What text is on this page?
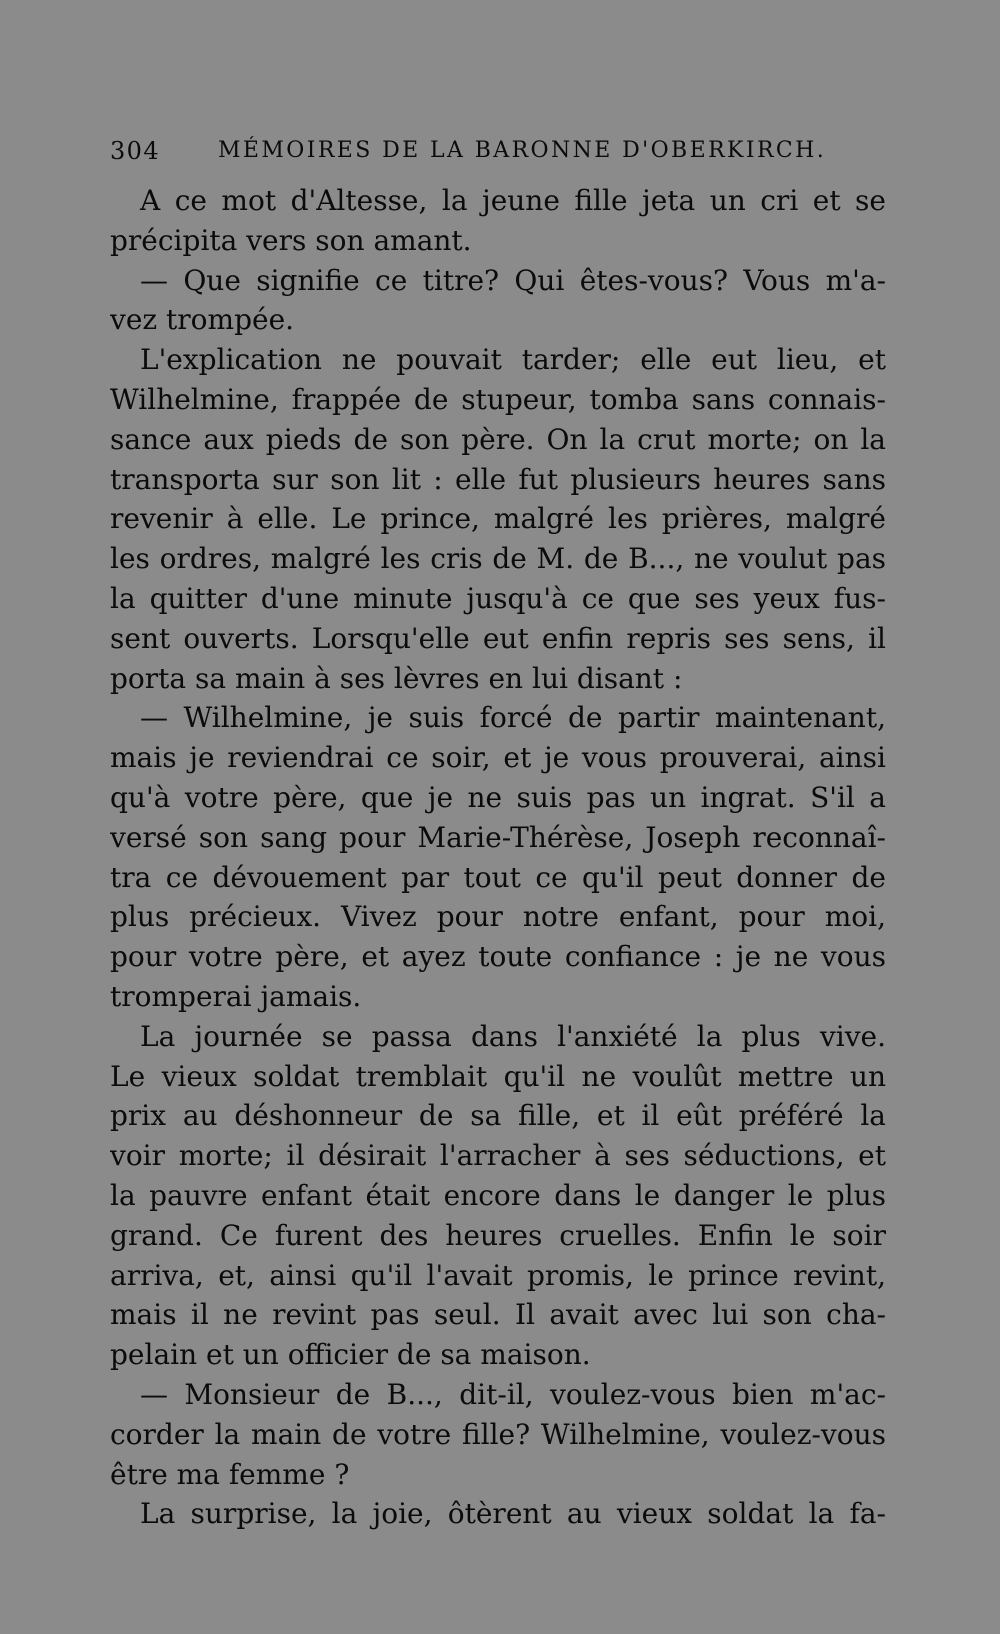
304	MÉMOIRES DE LA BARONNE D'OBERKIRCH.
A ce mot d'Altesse, la jeune fille jeta un cri et se
précipita vers son amant.
— Que signifie ce titre? Qui êtes-vous? Vous m'a-
vez trompée.
L'explication ne pouvait tarder; elle eut lieu, et
Wilhelmine, frappée de stupeur, tomba sans connais-
sance aux pieds de son père. On la crut morte; on la
transporta sur son lit : elle fut plusieurs heures sans
revenir à elle. Le prince, malgré les prières, malgré
les ordres, malgré les cris de M. de B..., ne voulut pas
la quitter d'une minute jusqu'à ce que ses yeux fus-
sent ouverts. Lorsqu'elle eut enfin repris ses sens, il
porta sa main à ses lèvres en lui disant :
— Wilhelmine, je suis forcé de partir maintenant,
mais je reviendrai ce soir, et je vous prouverai, ainsi
qu'à votre père, que je ne suis pas un ingrat. S'il a
versé son sang pour Marie-Thérèse, Joseph reconnaî-
tra ce dévouement par tout ce qu'il peut donner de
plus précieux. Vivez pour notre enfant, pour moi,
pour votre père, et ayez toute confiance : je ne vous
tromperai jamais.
La journée se passa dans l'anxiété la plus vive.
Le vieux soldat tremblait qu'il ne voulût mettre un
prix au déshonneur de sa fille, et il eût préféré la
voir morte; il désirait l'arracher à ses séductions, et
la pauvre enfant était encore dans le danger le plus
grand. Ce furent des heures cruelles. Enfin le soir
arriva, et, ainsi qu'il l'avait promis, le prince revint,
mais il ne revint pas seul. Il avait avec lui son cha-
pelain et un officier de sa maison.
— Monsieur de B..., dit-il, voulez-vous bien m'ac-
corder la main de votre fille? Wilhelmine, voulez-vous
être ma femme ?
La surprise, la joie, ôtèrent au vieux soldat la fa-
